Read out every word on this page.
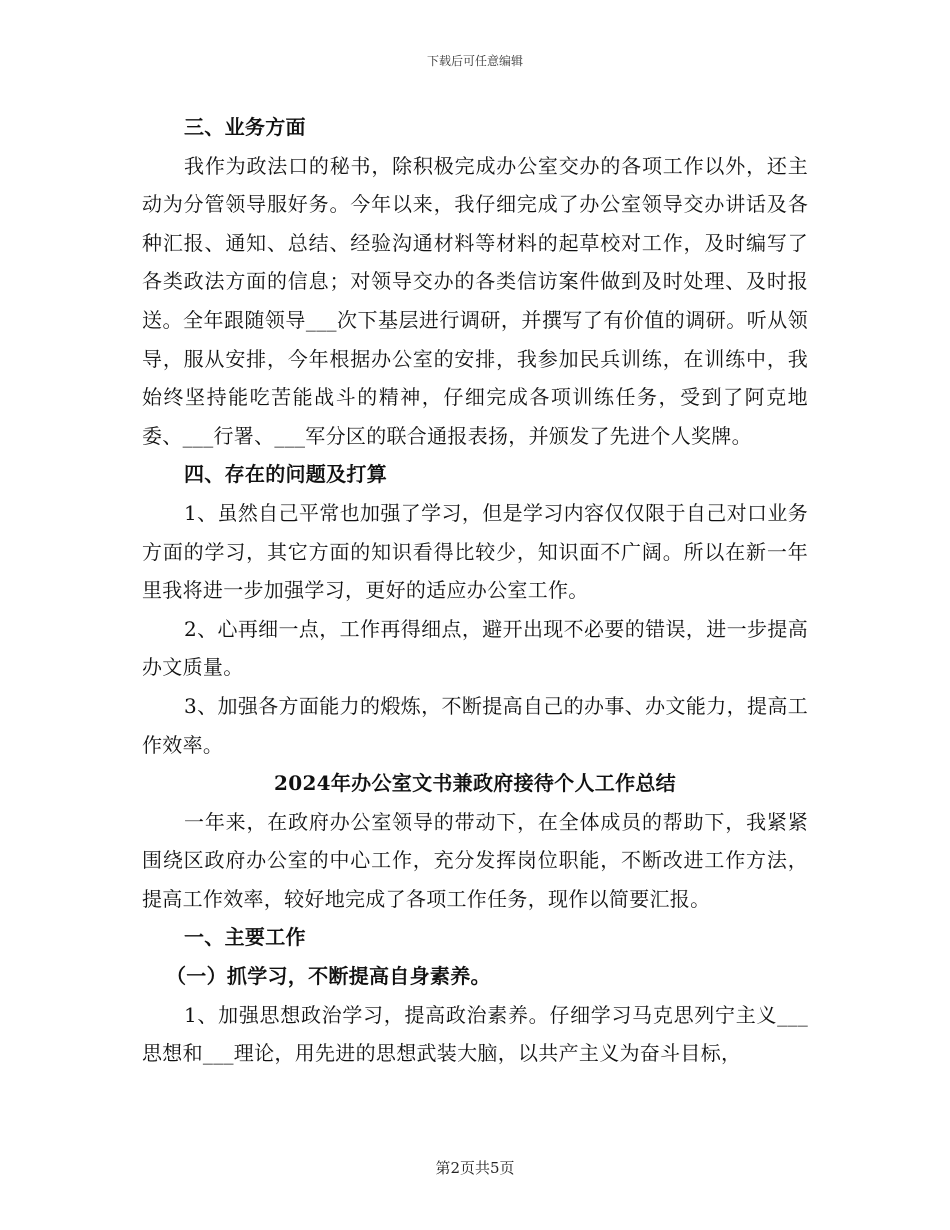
下载后可任意编辑

三、业务方面

我作为政法口的秘书，除积极完成办公室交办的各项工作以外，还主动为分管领导服好务。今年以来，我仔细完成了办公室领导交办讲话及各种汇报、通知、总结、经验沟通材料等材料的起草校对工作，及时编写了各类政法方面的信息；对领导交办的各类信访案件做到及时处理、及时报送。全年跟随领导___次下基层进行调研，并撰写了有价值的调研。听从领导，服从安排，今年根据办公室的安排，我参加民兵训练，在训练中，我始终坚持能吃苦能战斗的精神，仔细完成各项训练任务，受到了阿克地委、___行署、___军分区的联合通报表扬，并颁发了先进个人奖牌。

四、存在的问题及打算

1、虽然自己平常也加强了学习，但是学习内容仅仅限于自己对口业务方面的学习，其它方面的知识看得比较少，知识面不广阔。所以在新一年里我将进一步加强学习，更好的适应办公室工作。

2、心再细一点，工作再得细点，避开出现不必要的错误，进一步提高办文质量。

3、加强各方面能力的煅炼，不断提高自己的办事、办文能力，提高工作效率。

2024年办公室文书兼政府接待个人工作总结

一年来，在政府办公室领导的带动下，在全体成员的帮助下，我紧紧围绕区政府办公室的中心工作，充分发挥岗位职能，不断改进工作方法，提高工作效率，较好地完成了各项工作任务，现作以简要汇报。

一、主要工作

（一）抓学习，不断提高自身素养。

1、加强思想政治学习，提高政治素养。仔细学习马克思列宁主义___思想和___理论，用先进的思想武装大脑，以共产主义为奋斗目标，

第2页共5页
